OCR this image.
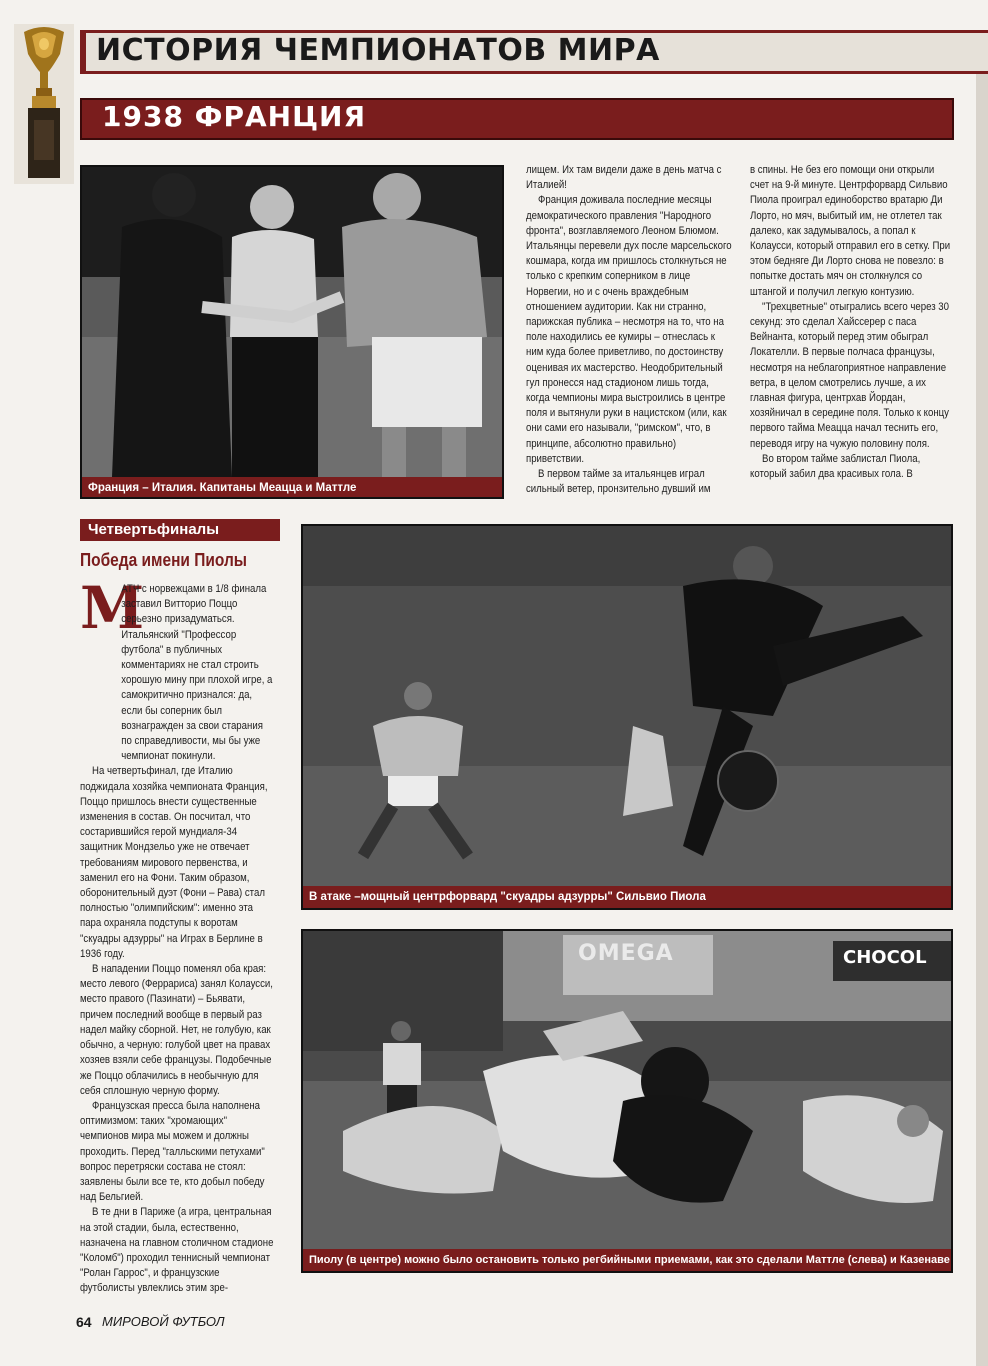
ИСТОРИЯ ЧЕМПИОНАТОВ МИРА
1938 ФРАНЦИЯ
Франция – Италия. Капитаны Меацца и Маттле

лищем. Их там видели даже в день матча с Италией!

Франция доживала последние месяцы демократического правления "Народного фронта", возглавляемого Леоном Блюмом. Итальянцы перевели дух после марсельского кошмара, когда им пришлось столкнуться не только с крепким соперником в лице Норвегии, но и с очень враждебным отношением аудитории. Как ни странно, парижская публика – несмотря на то, что на поле находились ее кумиры – отнеслась к ним куда более приветливо, по достоинству оценивая их мастерство. Неодобрительный гул пронесся над стадионом лишь тогда, когда чемпионы мира выстроились в центре поля и вытянули руки в нацистском (или, как они сами его называли, "римском", что, в принципе, абсолютно правильно) приветствии.

В первом тайме за итальянцев играл сильный ветер, пронзительно дувший им

в спины. Не без его помощи они открыли счет на 9-й минуте. Центрфорвард Сильвио Пиола проиграл единоборство вратарю Ди Лорто, но мяч, выбитый им, не отлетел так далеко, как задумывалось, а попал к Колаусси, который отправил его в сетку. При этом бедняге Ди Лорто снова не повезло: в попытке достать мяч он столкнулся со штангой и получил легкую контузию.

"Трехцветные" отыгрались всего через 30 секунд: это сделал Хайссерер с паса Вейнанта, который перед этим обыграл Локателли. В первые полчаса французы, несмотря на неблагоприятное направление ветра, в целом смотрелись лучше, а их главная фигура, центрхав Йордан, хозяйничал в середине поля. Только к концу первого тайма Меацца начал теснить его, переводя игру на чужую половину поля.

Во втором тайме заблистал Пиола, который забил два красивых гола. В

Четвертьфиналы
Победа имени Пиолы
М

АТЧ с норвежцами в 1/8 финала заставил Витторио Поццо серьезно призадуматься. Итальянский "Профессор футбола" в публичных комментариях не стал строить хорошую мину при плохой игре, а самокритично признался: да, если бы соперник был вознагражден за свои старания по справедливости, мы бы уже чемпионат покинули.

На четвертьфинал, где Италию поджидала хозяйка чемпионата Франция, Поццо пришлось внести существенные изменения в состав. Он посчитал, что состарившийся герой мундиаля-34 защитник Мондзельо уже не отвечает требованиям мирового первенства, и заменил его на Фони. Таким образом, оборонительный дуэт (Фони – Рава) стал полностью "олимпийским": именно эта пара охраняла подступы к воротам "скуадры адзурры" на Играх в Берлине в 1936 году.

В нападении Поццо поменял оба края: место левого (Феррариса) занял Колаусси, место правого (Пазинати) – Бьявати, причем последний вообще в первый раз надел майку сборной. Нет, не голубую, как обычно, а черную: голубой цвет на правах хозяев взяли себе французы. Подобечные же Поццо облачились в необычную для себя сплошную черную форму.

Французская пресса была наполнена оптимизмом: таких "хромающих" чемпионов мира мы можем и должны проходить. Перед "галльскими петухами" вопрос перетряски состава не стоял: заявлены были все те, кто добыл победу над Бельгией.

В те дни в Париже (а игра, центральная на этой стадии, была, естественно, назначена на главном столичном стадионе "Коломб") проходил теннисный чемпионат "Ролан Гаррос", и французские футболисты увлеклись этим зре-

В атаке –мощный центрфорвард "скуадры адзурры" Сильвио Пиола
OMEGA	CHOCOL
Пиолу (в центре) можно было остановить только регбийными приемами, как это сделали Маттле (слева) и Казенаве
64 МИРОВОЙ ФУТБОЛ
